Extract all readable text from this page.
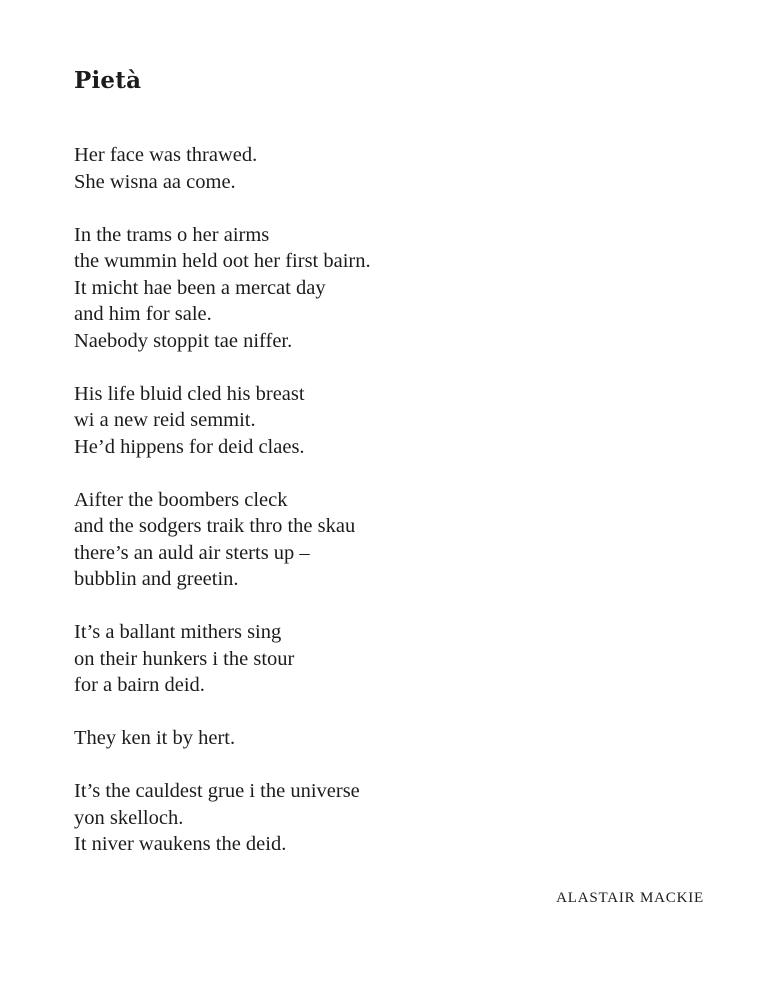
Pietà
Her face was thrawed.
She wisna aa come.
In the trams o her airms
the wummin held oot her first bairn.
It micht hae been a mercat day
and him for sale.
Naebody stoppit tae niffer.
His life bluid cled his breast
wi a new reid semmit.
He’d hippens for deid claes.
Aifter the boombers cleck
and the sodgers traik thro the skau
there’s an auld air sterts up –
bubblin and greetin.
It’s a ballant mithers sing
on their hunkers i the stour
for a bairn deid.
They ken it by hert.
It’s the cauldest grue i the universe
yon skelloch.
It niver waukens the deid.
ALASTAIR MACKIE
